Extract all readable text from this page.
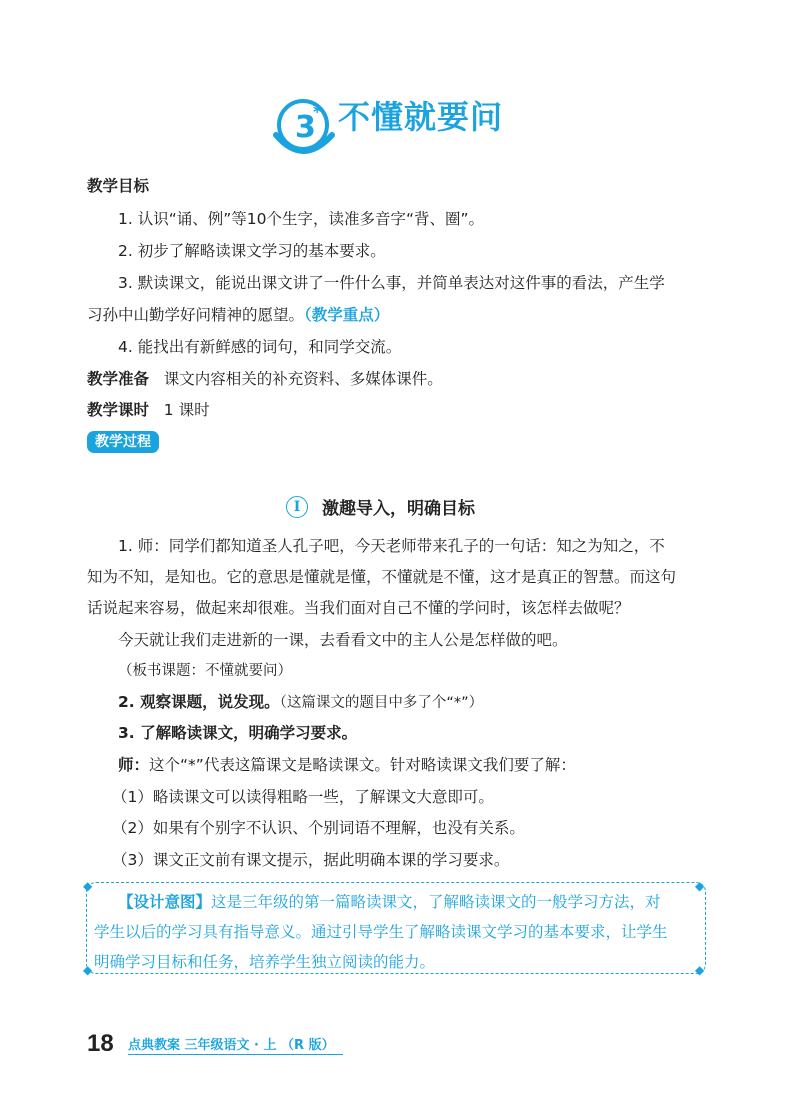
3
* 不懂就要问
教学目标
1. 认识“诵、例”等10个生字，读准多音字“背、圈”。
2. 初步了解略读课文学习的基本要求。
3. 默读课文，能说出课文讲了一件什么事，并简单表达对这件事的看法，产生学
习孙中山勤学好问精神的愿望。（教学重点）
4. 能找出有新鲜感的词句，和同学交流。
教学准备 课文内容相关的补充资料、多媒体课件。
教学课时 1 课时
教学过程
I	激趣导入，明确目标
1. 师：同学们都知道圣人孔子吧，今天老师带来孔子的一句话：知之为知之，不
知为不知，是知也。它的意思是懂就是懂，不懂就是不懂，这才是真正的智慧。而这句
话说起来容易，做起来却很难。当我们面对自己不懂的学问时，该怎样去做呢？
今天就让我们走进新的一课，去看看文中的主人公是怎样做的吧。
（板书课题：不懂就要问）
2. 观察课题，说发现。（这篇课文的题目中多了个“*”）
3. 了解略读课文，明确学习要求。
师：这个“*”代表这篇课文是略读课文。针对略读课文我们要了解：
（1）略读课文可以读得粗略一些，了解课文大意即可。
（2）如果有个别字不认识、个别词语不理解，也没有关系。
（3）课文正文前有课文提示，据此明确本课的学习要求。
◆	◆
◆	◆
【设计意图】这是三年级的第一篇略读课文，了解略读课文的一般学习方法，对
学生以后的学习具有指导意义。通过引导学生了解略读课文学习的基本要求，让学生
明确学习目标和任务，培养学生独立阅读的能力。
18 点典教案 三年级语文 · 上 （R 版）
